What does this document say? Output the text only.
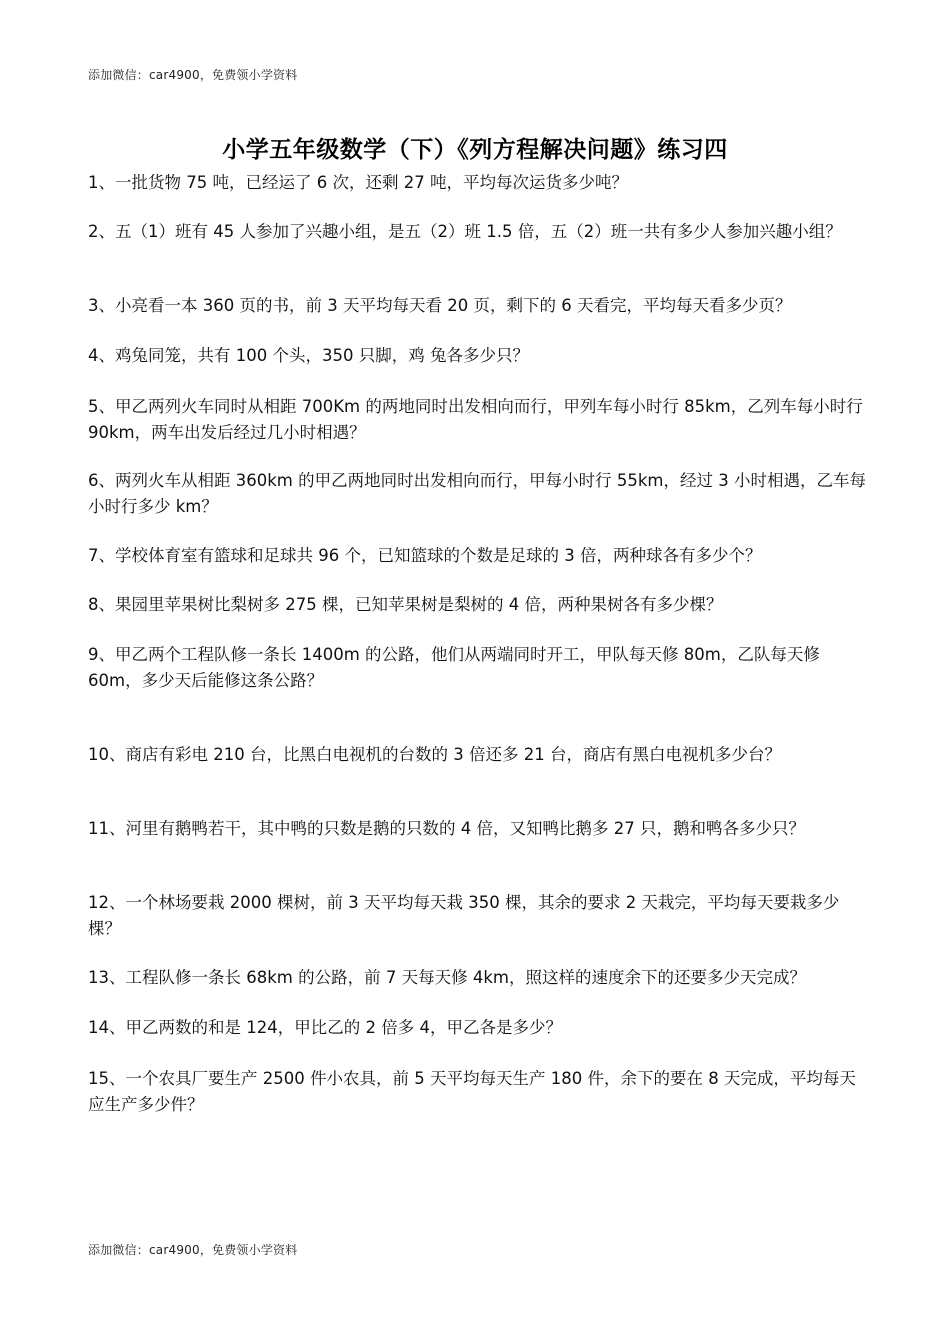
添加微信：car4900，免费领小学资料
小学五年级数学（下）《列方程解决问题》练习四
1、一批货物 75 吨，已经运了 6 次，还剩 27 吨，平均每次运货多少吨？
2、五（1）班有 45 人参加了兴趣小组，是五（2）班 1.5 倍，五（2）班一共有多少人参加兴趣小组？
3、小亮看一本 360 页的书，前 3 天平均每天看 20 页，剩下的 6 天看完，平均每天看多少页？
4、鸡兔同笼，共有 100 个头，350 只脚，鸡 兔各多少只？
5、甲乙两列火车同时从相距 700Km 的两地同时出发相向而行，甲列车每小时行 85km，乙列车每小时行 90km，两车出发后经过几小时相遇？
6、两列火车从相距 360km 的甲乙两地同时出发相向而行，甲每小时行 55km，经过 3 小时相遇，乙车每小时行多少 km？
7、学校体育室有篮球和足球共 96 个，已知篮球的个数是足球的 3 倍，两种球各有多少个？
8、果园里苹果树比梨树多 275 棵，已知苹果树是梨树的 4 倍，两种果树各有多少棵？
9、甲乙两个工程队修一条长 1400m 的公路，他们从两端同时开工，甲队每天修 80m，乙队每天修 60m，多少天后能修这条公路？
10、商店有彩电 210 台，比黑白电视机的台数的 3 倍还多 21 台，商店有黑白电视机多少台？
11、河里有鹅鸭若干，其中鸭的只数是鹅的只数的 4 倍，又知鸭比鹅多 27 只，鹅和鸭各多少只？
12、一个林场要栽 2000 棵树，前 3 天平均每天栽 350 棵，其余的要求 2 天栽完，平均每天要栽多少棵？
13、工程队修一条长 68km 的公路，前 7 天每天修 4km，照这样的速度余下的还要多少天完成？
14、甲乙两数的和是 124，甲比乙的 2 倍多 4，甲乙各是多少？
15、一个农具厂要生产 2500 件小农具，前 5 天平均每天生产 180 件，余下的要在 8 天完成，平均每天应生产多少件？
添加微信：car4900，免费领小学资料
